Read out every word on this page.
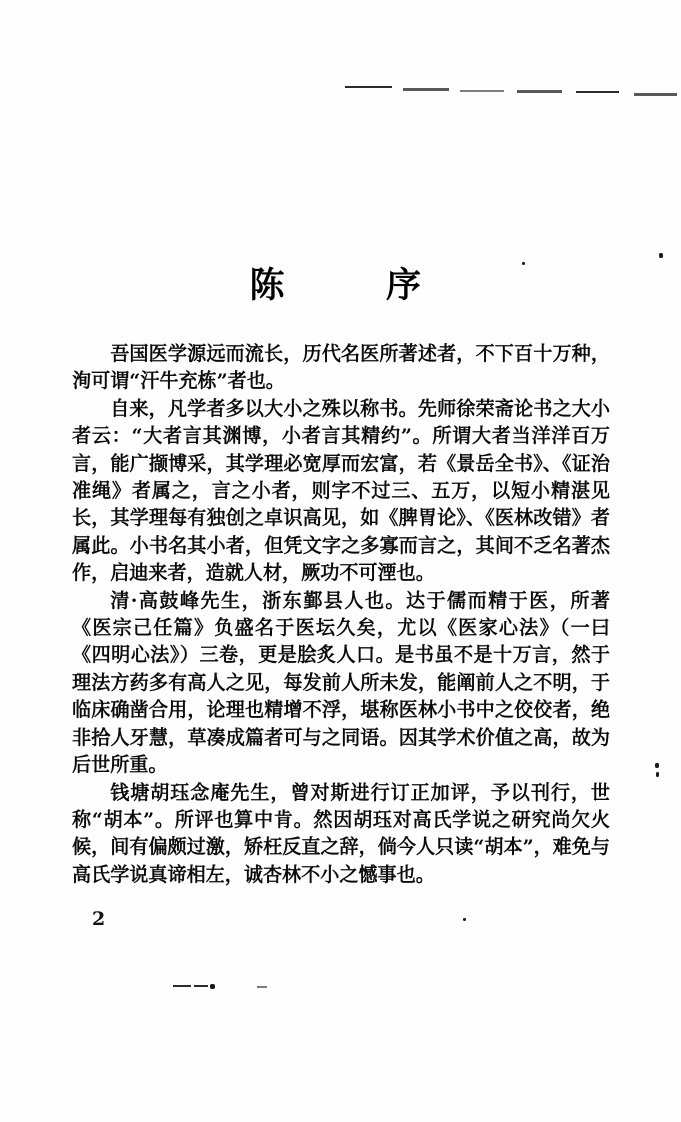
陈　　序

吾国医学源远而流长，历代名医所著述者，不下百十万种，洵可谓“汗牛充栋”者也。

自来，凡学者多以大小之殊以称书。先师徐荣斋论书之大小者云：“大者言其渊博，小者言其精约”。所谓大者当洋洋百万言，能广撷博采，其学理必宽厚而宏富，若《景岳全书》、《证治准绳》者属之，言之小者，则字不过三、五万，以短小精湛见长，其学理每有独创之卓识高见，如《脾胃论》、《医林改错》者属此。小书名其小者，但凭文字之多寡而言之，其间不乏名著杰作，启迪来者，造就人材，厥功不可湮也。

清·高鼓峰先生，浙东鄞县人也。达于儒而精于医，所著《医宗己任篇》负盛名于医坛久矣，尤以《医家心法》（一曰《四明心法》）三卷，更是脍炙人口。是书虽不是十万言，然于理法方药多有高人之见，每发前人所未发，能阐前人之不明，于临床确凿合用，论理也精增不浮，堪称医林小书中之佼佼者，绝非拾人牙慧，草凑成篇者可与之同语。因其学术价值之高，故为后世所重。

钱塘胡珏念庵先生，曾对斯进行订正加评，予以刊行，世称“胡本”。所评也算中肯。然因胡珏对高氏学说之研究尚欠火候，间有偏颇过激，矫枉反直之辞，倘今人只读“胡本”，难免与高氏学说真谛相左，诚杏林不小之憾事也。

2
